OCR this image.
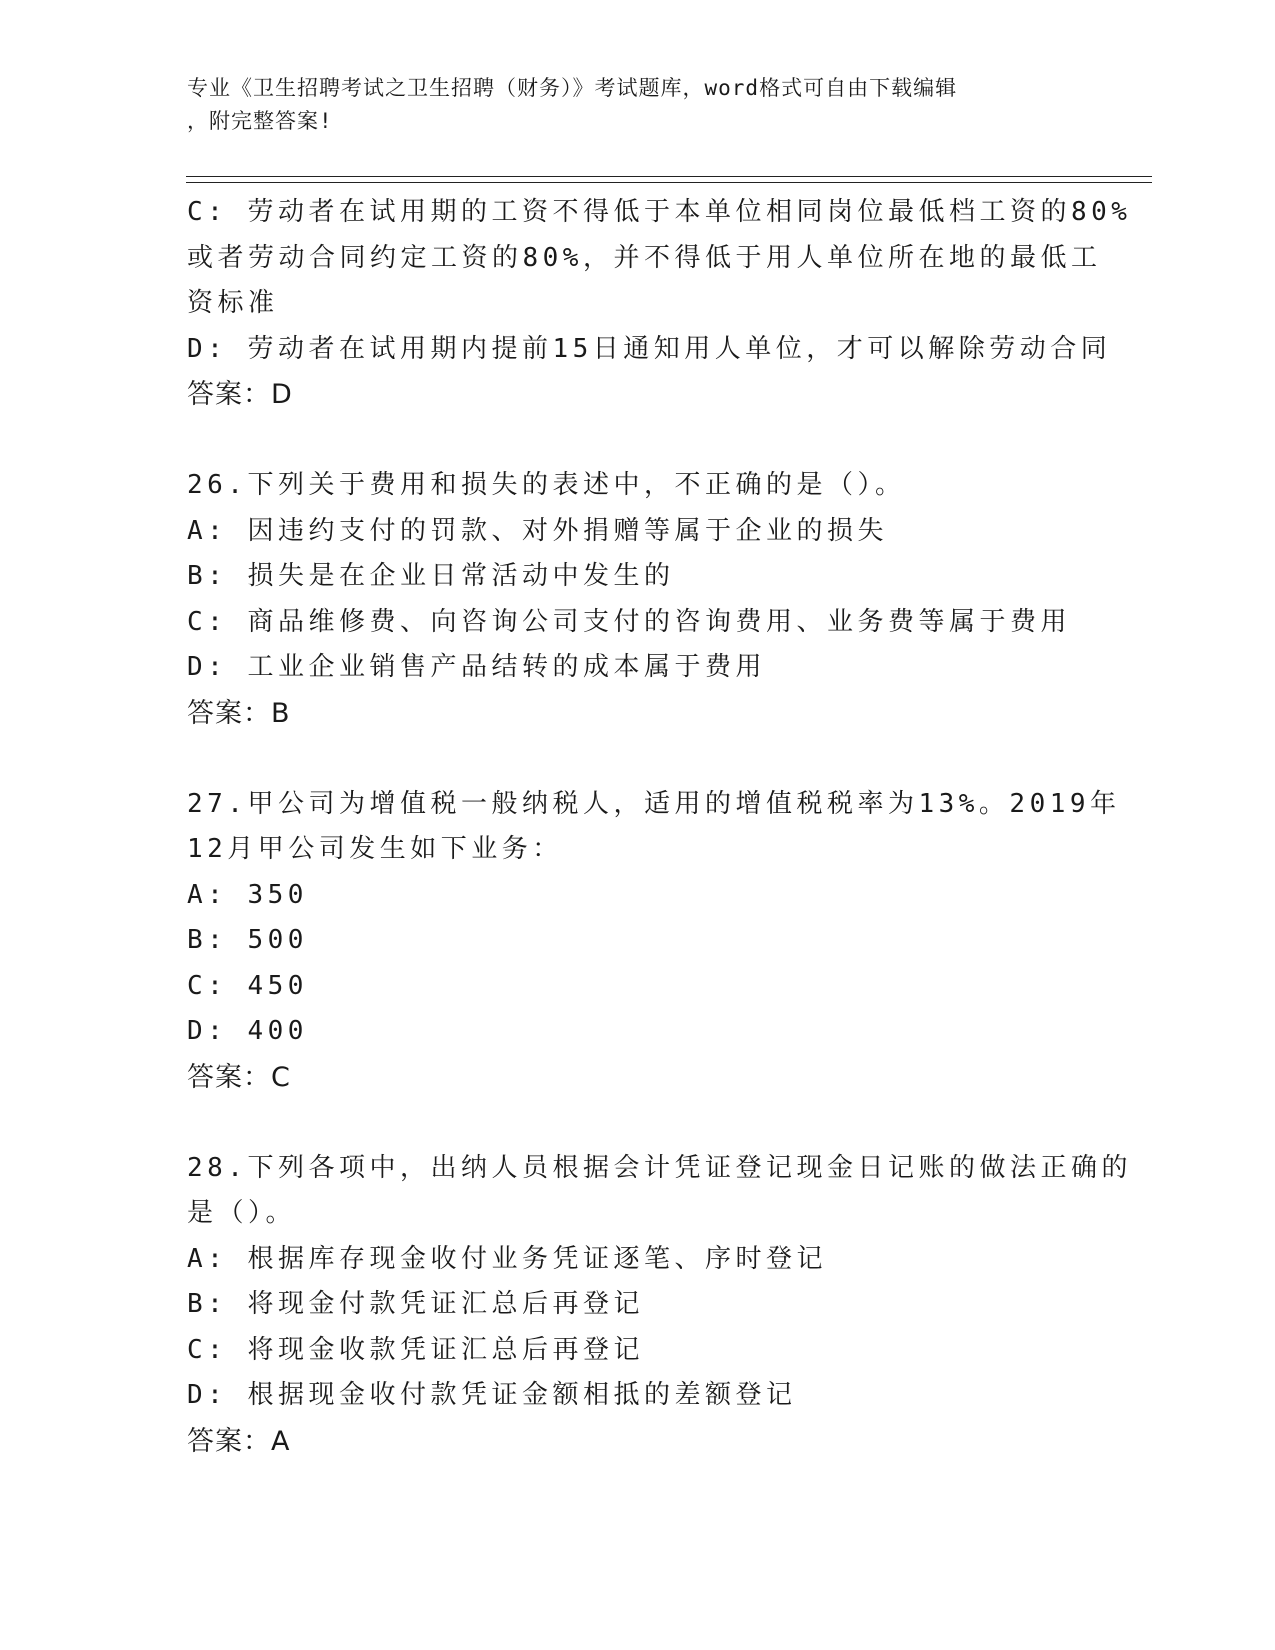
专业《卫生招聘考试之卫生招聘（财务）》考试题库，word格式可自由下载编辑
，附完整答案!
C: 劳动者在试用期的工资不得低于本单位相同岗位最低档工资的80%
或者劳动合同约定工资的80%，并不得低于用人单位所在地的最低工
资标准
D: 劳动者在试用期内提前15日通知用人单位，才可以解除劳动合同
答案：D
26.下列关于费用和损失的表述中，不正确的是（）。
A: 因违约支付的罚款、对外捐赠等属于企业的损失
B: 损失是在企业日常活动中发生的
C: 商品维修费、向咨询公司支付的咨询费用、业务费等属于费用
D: 工业企业销售产品结转的成本属于费用
答案：B
27.甲公司为增值税一般纳税人，适用的增值税税率为13%。2019年
12月甲公司发生如下业务：
A: 350
B: 500
C: 450
D: 400
答案：C
28.下列各项中，出纳人员根据会计凭证登记现金日记账的做法正确的
是（）。
A: 根据库存现金收付业务凭证逐笔、序时登记
B: 将现金付款凭证汇总后再登记
C: 将现金收款凭证汇总后再登记
D: 根据现金收付款凭证金额相抵的差额登记
答案：A
